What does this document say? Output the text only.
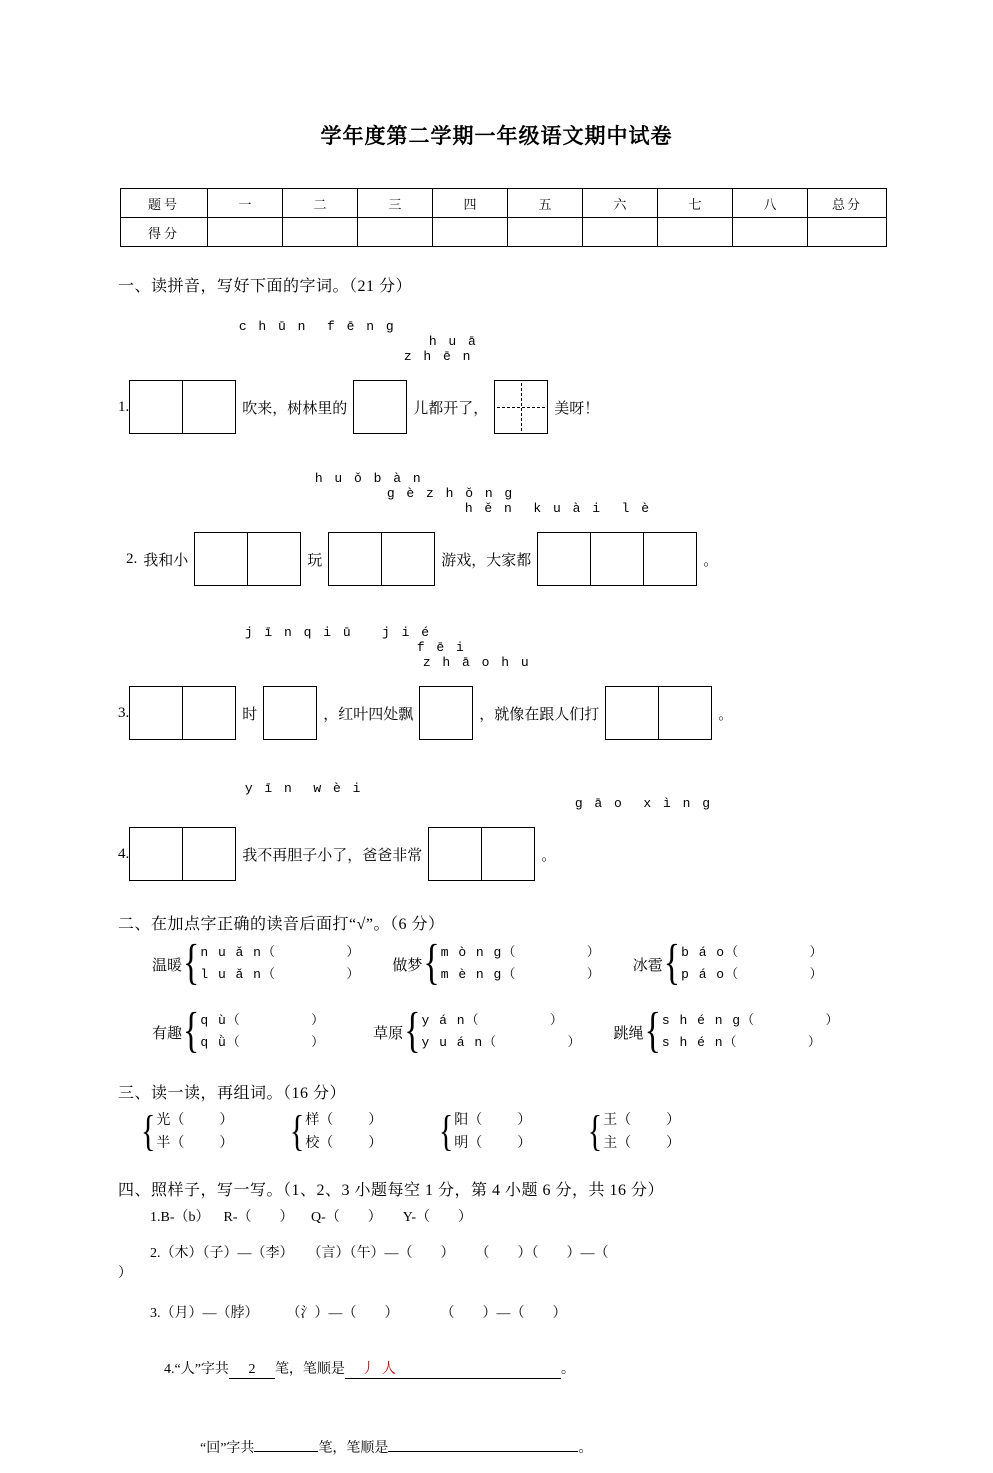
学年度第二学期一年级语文期中试卷
题号	一	二	三	四	五	六	七	八	总分
得分									
一、读拼音，写好下面的字词。（21 分）

c h ū n  f ē n g
h u ā
z h ē n

1.	吹来，树林里的	儿都开了，	美呀！

h u ǒ b à n
g è z h ǒ n g
h ě n  k u à i  l è

2. 我和小	玩	游戏，大家都	。

j ī n q i ū   j i é
f ē i
z h ā o h u

3.	时	，红叶四处飘	，就像在跟人们打	。

y ī n  w è i
g ā o  x ì n g

4.	我不再胆子小了，爸爸非常	。
二、在加点字正确的读音后面打“√”。（6 分）
温暖{ n u ǎ n（        ）
l u ǎ n（        ）
做梦{ m ò n g（        ）
m è n g（        ）
冰雹{ b á o（        ）
p á o（        ）
有趣{ q ù（        ）
q ǜ（        ）
草原{ y á n（        ）
y u á n（        ）
跳绳{ s h é n g（        ）
s h é n（        ）
三、读一读，再组词。（16 分）
{ 光（          ）
半（          ） { 样（          ）
校（          ） { 阳（          ）
明（          ） { 王（          ）
主（          ）
四、照样子，写一写。（1、2、3 小题每空 1 分，第 4 小题 6 分，共 16 分）
1.B-（b）    R-（        ）     Q-（        ）      Y-（        ）
2.（木）（子）—（李）    （言）（午）—（        ）      （        ）（        ）—（
）
3.（月）—（脖）        （氵）—（        ）            （        ）—（        ）

4.“人”字共 2 笔，笔顺是 丿  人	。

“回”字共	笔，笔顺是	。
